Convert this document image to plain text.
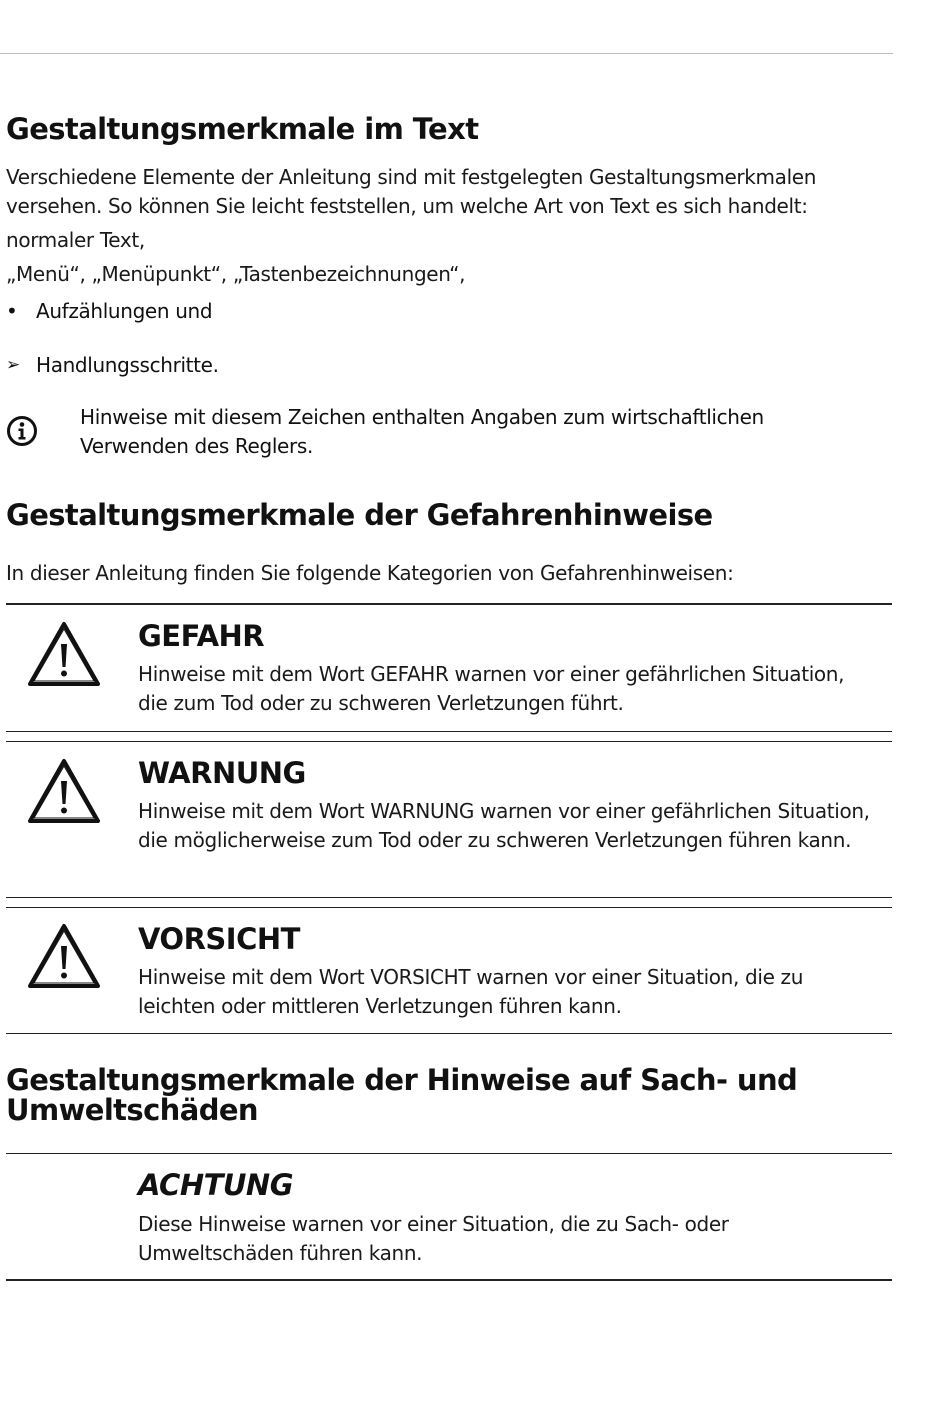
Gestaltungsmerkmale im Text

Verschiedene Elemente der Anleitung sind mit festgelegten Gestaltungsmerkmalen versehen. So können Sie leicht feststellen, um welche Art von Text es sich handelt:

normaler Text,

„Menü“, „Menüpunkt“, „Tastenbezeichnungen“,

• Aufzählungen und
➢ Handlungsschritte.
Hinweise mit diesem Zeichen enthalten Angaben zum wirtschaftlichen Verwenden des Reglers.
Gestaltungsmerkmale der Gefahrenhinweise

In dieser Anleitung finden Sie folgende Kategorien von Gefahrenhinweisen:

GEFAHR

Hinweise mit dem Wort GEFAHR warnen vor einer gefährlichen Situation, die zum Tod oder zu schweren Verletzungen führt.

WARNUNG

Hinweise mit dem Wort WARNUNG warnen vor einer gefährlichen Situation, die möglicherweise zum Tod oder zu schweren Verletzungen führen kann.

VORSICHT

Hinweise mit dem Wort VORSICHT warnen vor einer Situation, die zu leichten oder mittleren Verletzungen führen kann.

Gestaltungsmerkmale der Hinweise auf Sach- und
Umweltschäden
ACHTUNG

Diese Hinweise warnen vor einer Situation, die zu Sach- oder Umweltschäden führen kann.
